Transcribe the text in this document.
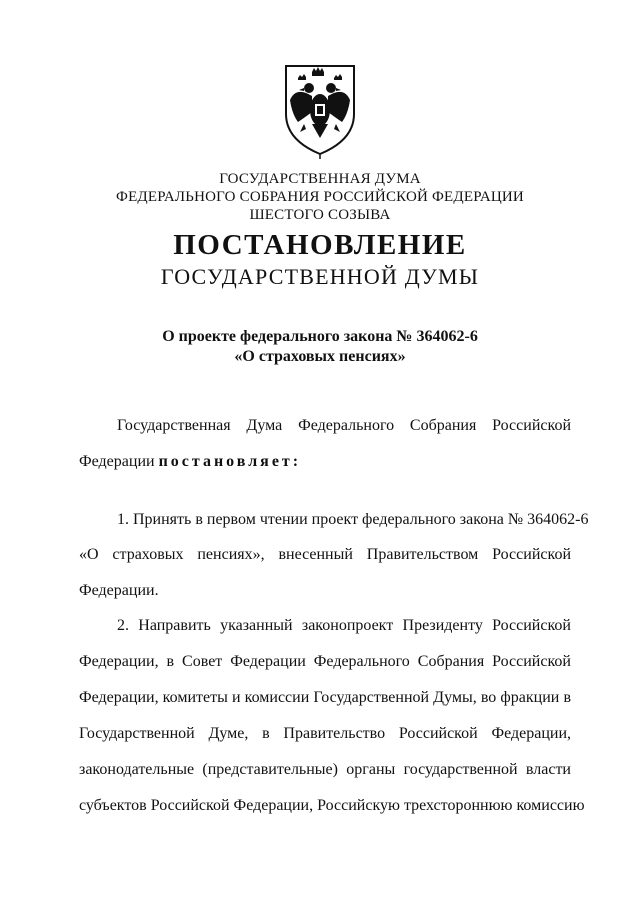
ГОСУДАРСТВЕННАЯ ДУМА
ФЕДЕРАЛЬНОГО СОБРАНИЯ РОССИЙСКОЙ ФЕДЕРАЦИИ
ШЕСТОГО СОЗЫВА
ПОСТАНОВЛЕНИЕ
ГОСУДАРСТВЕННОЙ ДУМЫ
О проекте федерального закона № 364062-6
«О страховых пенсиях»
Государственная Дума Федерального Собрания Российской
Федерации постановляет:
1. Принять в первом чтении проект федерального закона № 364062-6
«О страховых пенсиях», внесенный Правительством Российской
Федерации.
2. Направить указанный законопроект Президенту Российской
Федерации, в Совет Федерации Федерального Собрания Российской
Федерации, комитеты и комиссии Государственной Думы, во фракции в
Государственной Думе, в Правительство Российской Федерации,
законодательные (представительные) органы государственной власти
субъектов Российской Федерации, Российскую трехстороннюю комиссию
